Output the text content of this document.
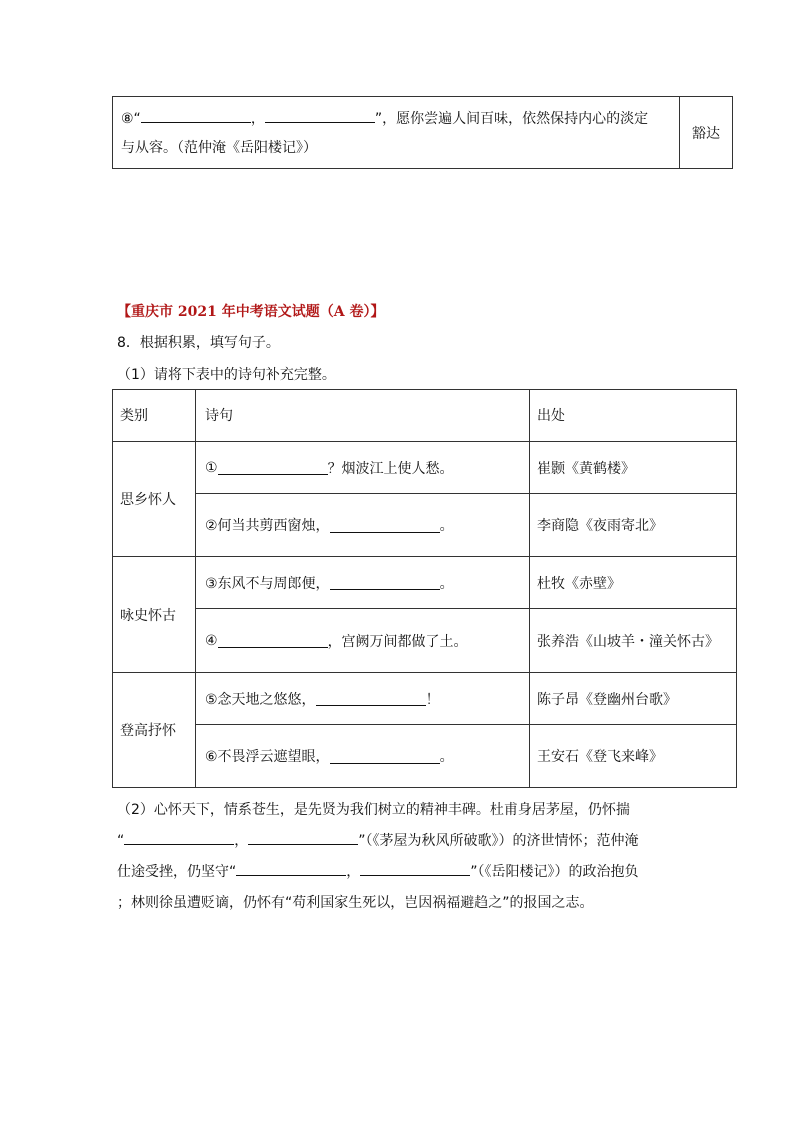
⑧“	，	”，愿你尝遍人间百味，依然保持内心的淡定
与从容。（范仲淹《岳阳楼记》）
豁达
【重庆市 2021 年中考语文试题（A 卷）】
8．根据积累，填写句子。
（1）请将下表中的诗句补充完整。
类别	诗句	出处
思乡怀人
①	？烟波江上使人愁。	崔颢《黄鹤楼》
②何当共剪西窗烛，	。	李商隐《夜雨寄北》
咏史怀古
③东风不与周郎便，	。	杜牧《赤壁》
④	，宫阙万间都做了土。	张养浩《山坡羊・潼关怀古》
登高抒怀
⑤念天地之悠悠，	！	陈子昂《登幽州台歌》
⑥不畏浮云遮望眼，	。	王安石《登飞来峰》
（2）心怀天下，情系苍生，是先贤为我们树立的精神丰碑。杜甫身居茅屋，仍怀揣
“	，	”（《茅屋为秋风所破歌》）的济世情怀；范仲淹
仕途受挫，仍坚守“	，	”（《岳阳楼记》）的政治抱负
；林则徐虽遭贬谪，仍怀有“苟利国家生死以，岂因祸福避趋之”的报国之志。
